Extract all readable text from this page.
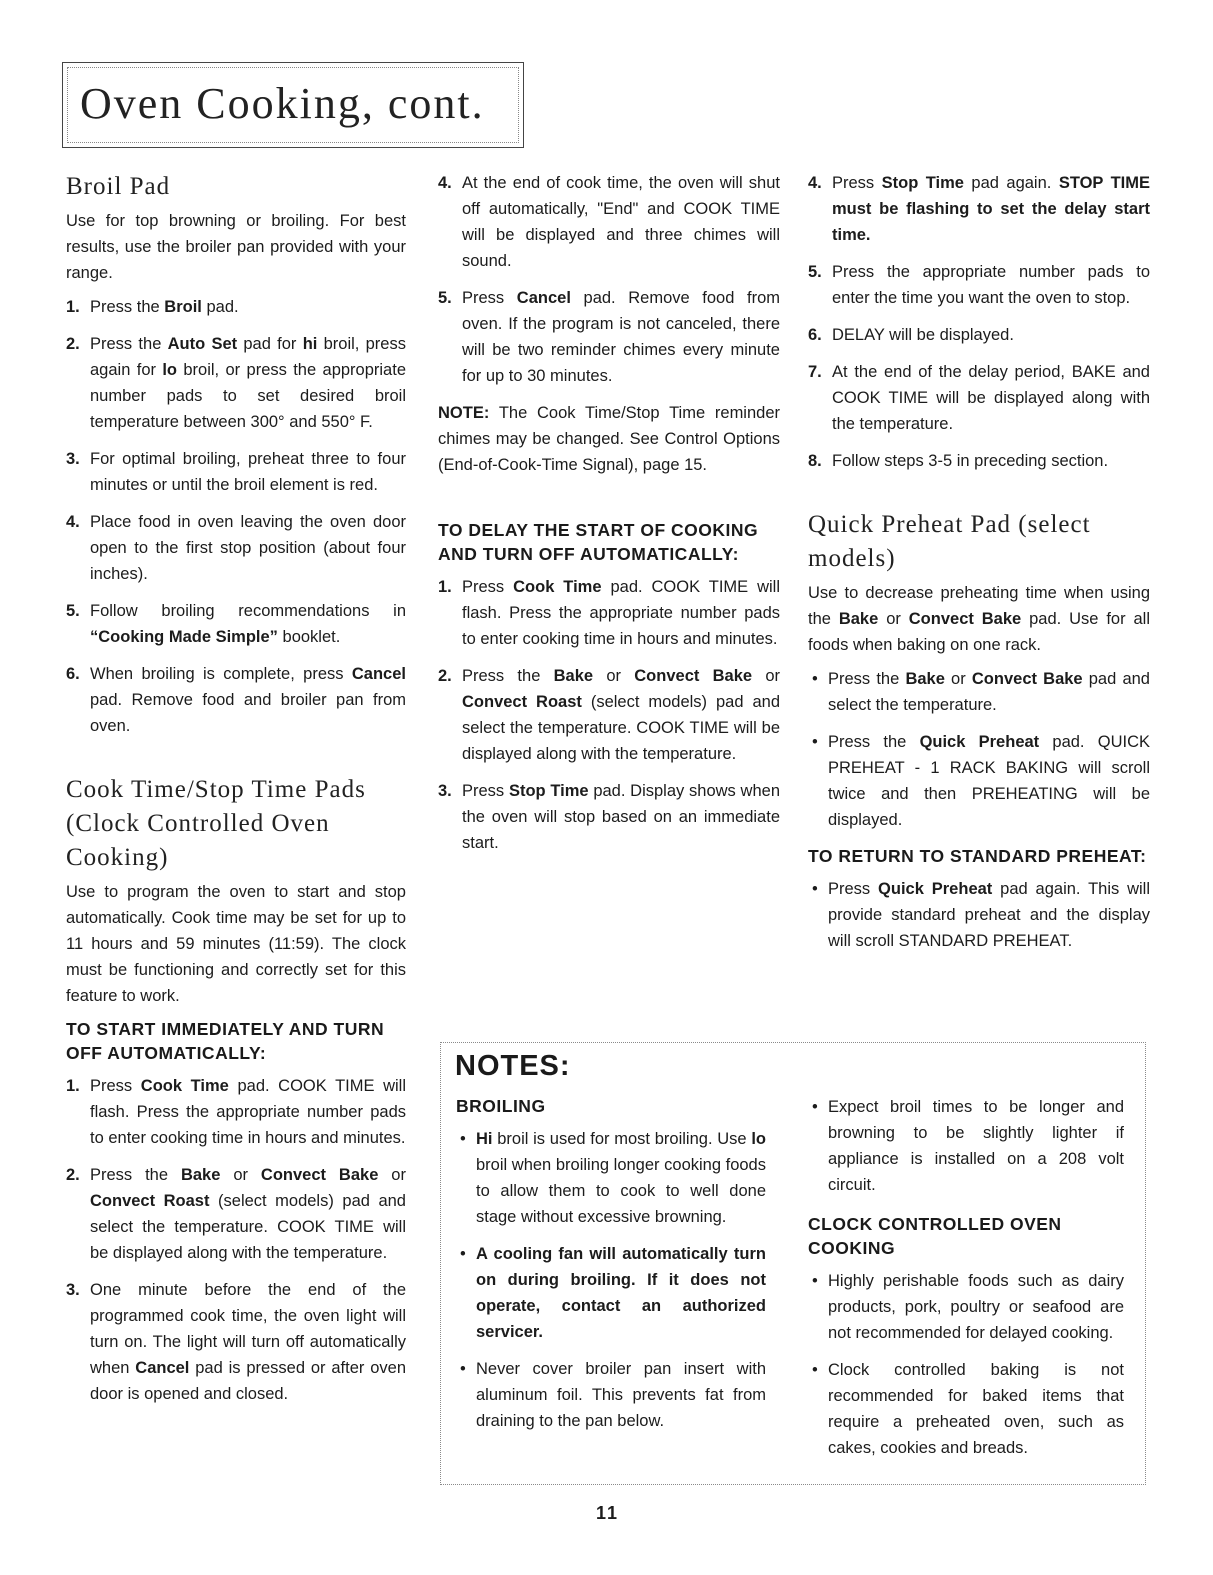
Oven Cooking, cont.
Broil Pad

Use for top browning or broiling. For best results, use the broiler pan provided with your range.

1. Press the Broil pad.
2. Press the Auto Set pad for hi broil, press again for lo broil, or press the appropriate number pads to set desired broil temperature between 300° and 550° F.
3. For optimal broiling, preheat three to four minutes or until the broil element is red.
4. Place food in oven leaving the oven door open to the first stop position (about four inches).
5. Follow broiling recommendations in “Cooking Made Simple” booklet.
6. When broiling is complete, press Cancel pad. Remove food and broiler pan from oven.
Cook Time/Stop Time Pads (Clock Controlled Oven Cooking)

Use to program the oven to start and stop automatically. Cook time may be set for up to 11 hours and 59 minutes (11:59). The clock must be functioning and correctly set for this feature to work.

TO START IMMEDIATELY AND TURN OFF AUTOMATICALLY:
1. Press Cook Time pad. COOK TIME will flash. Press the appropriate number pads to enter cooking time in hours and minutes.
2. Press the Bake or Convect Bake or Convect Roast (select models) pad and select the temperature. COOK TIME will be displayed along with the temperature.
3. One minute before the end of the programmed cook time, the oven light will turn on. The light will turn off automatically when Cancel pad is pressed or after oven door is opened and closed.
4. At the end of cook time, the oven will shut off automatically, "End" and COOK TIME will be displayed and three chimes will sound.
5. Press Cancel pad. Remove food from oven. If the program is not canceled, there will be two reminder chimes every minute for up to 30 minutes.

NOTE: The Cook Time/Stop Time reminder chimes may be changed. See Control Options (End-of-Cook-Time Signal), page 15.

TO DELAY THE START OF COOKING AND TURN OFF AUTOMATICALLY:
1. Press Cook Time pad. COOK TIME will flash. Press the appropriate number pads to enter cooking time in hours and minutes.
2. Press the Bake or Convect Bake or Convect Roast (select models) pad and select the temperature. COOK TIME will be displayed along with the temperature.
3. Press Stop Time pad. Display shows when the oven will stop based on an immediate start.
4. Press Stop Time pad again. STOP TIME must be flashing to set the delay start time.
5. Press the appropriate number pads to enter the time you want the oven to stop.
6. DELAY will be displayed.
7. At the end of the delay period, BAKE and COOK TIME will be displayed along with the temperature.
8. Follow steps 3-5 in preceding section.
Quick Preheat Pad (select models)

Use to decrease preheating time when using the Bake or Convect Bake pad. Use for all foods when baking on one rack.

• Press the Bake or Convect Bake pad and select the temperature.
• Press the Quick Preheat pad. QUICK PREHEAT - 1 RACK BAKING will scroll twice and then PREHEATING will be displayed.
TO RETURN TO STANDARD PREHEAT:
• Press Quick Preheat pad again. This will provide standard preheat and the display will scroll STANDARD PREHEAT.
NOTES:
BROILING
• Hi broil is used for most broiling. Use lo broil when broiling longer cooking foods to allow them to cook to well done stage without excessive browning.
• A cooling fan will automatically turn on during broiling. If it does not operate, contact an authorized servicer.
• Never cover broiler pan insert with aluminum foil. This prevents fat from draining to the pan below.
• Expect broil times to be longer and browning to be slightly lighter if appliance is installed on a 208 volt circuit.
CLOCK CONTROLLED OVEN COOKING
• Highly perishable foods such as dairy products, pork, poultry or seafood are not recommended for delayed cooking.
• Clock controlled baking is not recommended for baked items that require a preheated oven, such as cakes, cookies and breads.

11
